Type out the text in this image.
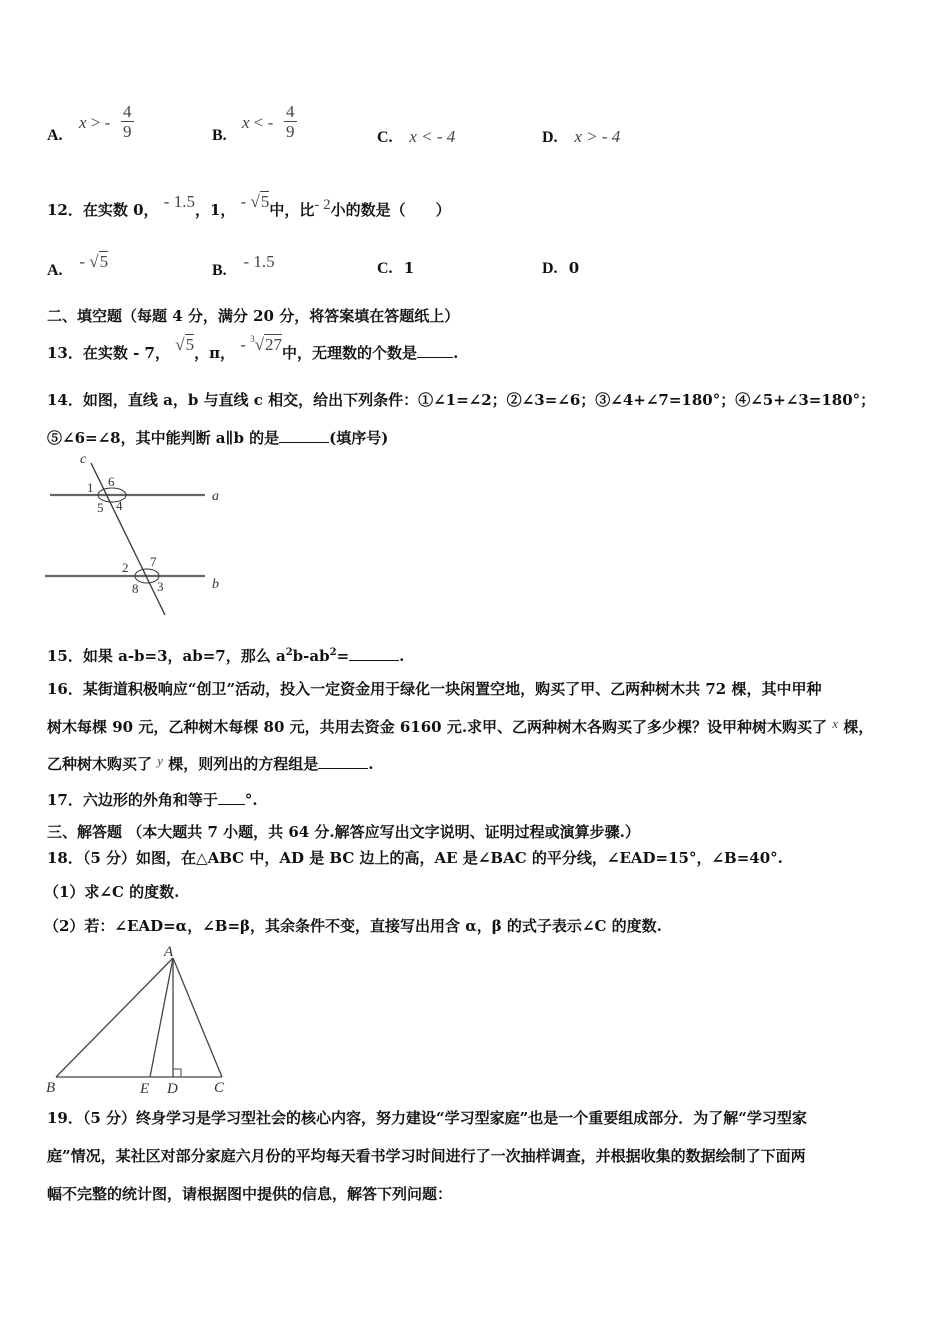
A.
x > - $\frac{4}{9}$	B.
x < - $\frac{4}{9}$	C. x < - 4	D. x > - 4
12．在实数 0， - 1.5，1， - √5中，比- 2小的数是（　　）
A. - √5	B. - 1.5	C. 1	D. 0
二、填空题（每题 4 分，满分 20 分，将答案填在答题纸上）
13．在实数 - 7， √5，π， - $^3$√27中，无理数的个数是 .
14．如图，直线 a，b 与直线 c 相交，给出下列条件：①∠1=∠2；②∠3=∠6；③∠4+∠7=180°；④∠5+∠3=180°；
⑤∠6=∠8，其中能判断 a∥b 的是	(填序号)
c
a
b
1 6
5 4
2 7
8 3
15．如果 a-b=3，ab=7，那么 $a^2b-ab^2=$	.
16．某街道积极响应“创卫”活动，投入一定资金用于绿化一块闲置空地，购买了甲、乙两种树木共 72 棵，其中甲种
树木每棵 90 元，乙种树木每棵 80 元，共用去资金 6160 元.求甲、乙两种树木各购买了多少棵？设甲种树木购买了 x 棵，
乙种树木购买了 y 棵，则列出的方程组是	.
17．六边形的外角和等于 °.
三、解答题 （本大题共 7 小题，共 64 分.解答应写出文字说明、证明过程或演算步骤.）
18．（5 分）如图，在△ABC 中，AD 是 BC 边上的高，AE 是∠BAC 的平分线，∠EAD=15°，∠B=40°.
（1）求∠C 的度数.
（2）若：∠EAD=α，∠B=β，其余条件不变，直接写出用含 α，β 的式子表示∠C 的度数.
A
B	E D C
19．（5 分）终身学习是学习型社会的核心内容，努力建设“学习型家庭”也是一个重要组成部分．为了解“学习型家
庭”情况，某社区对部分家庭六月份的平均每天看书学习时间进行了一次抽样调查，并根据收集的数据绘制了下面两
幅不完整的统计图，请根据图中提供的信息，解答下列问题：
